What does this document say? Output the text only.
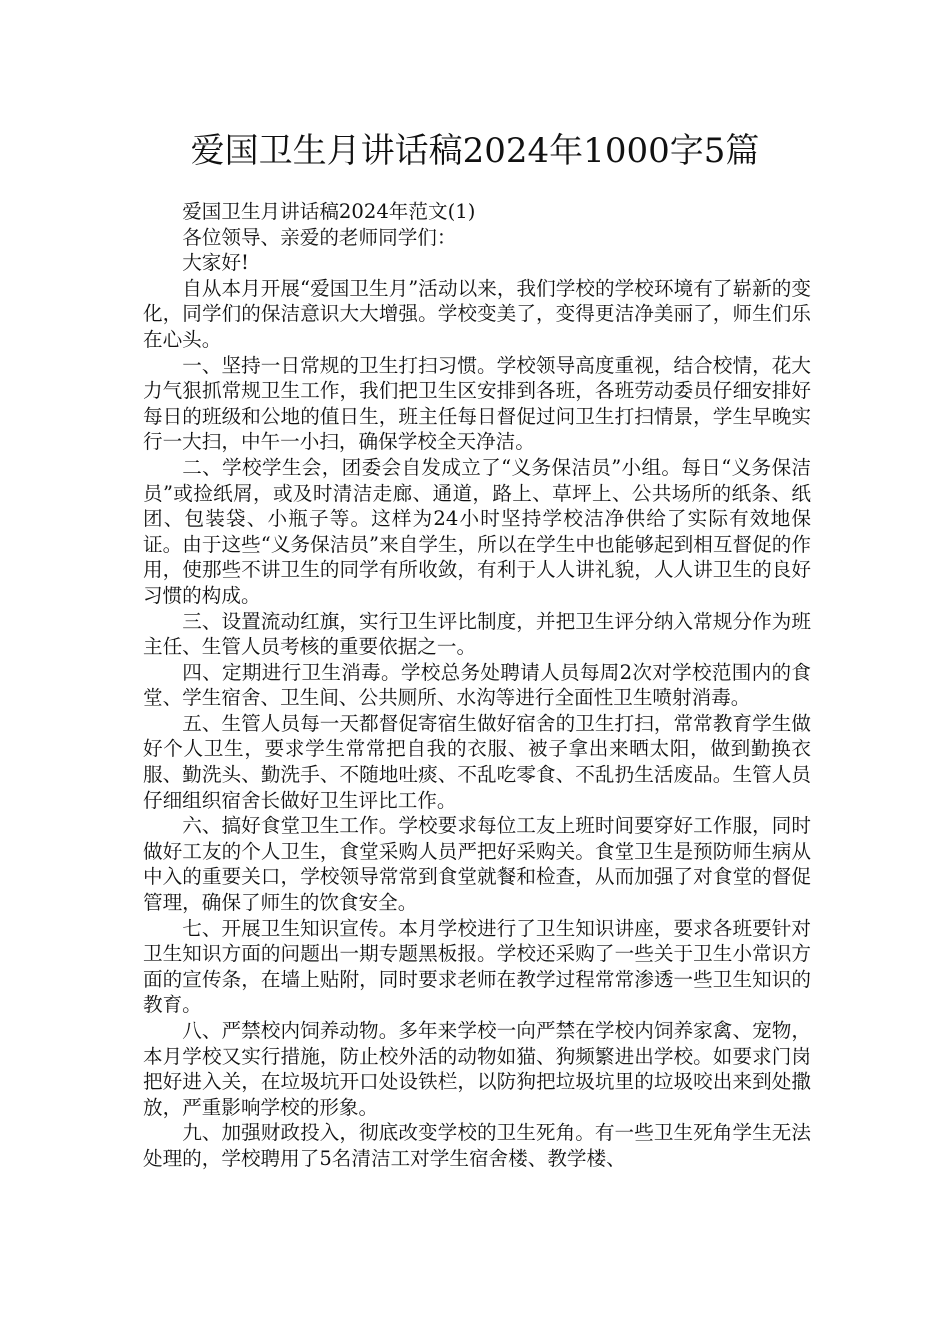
爱国卫生月讲话稿2024年1000字5篇

爱国卫生月讲话稿2024年范文(1)

各位领导、亲爱的老师同学们：

大家好!

自从本月开展“爱国卫生月”活动以来，我们学校的学校环境有了崭新的变化，同学们的保洁意识大大增强。学校变美了，变得更洁净美丽了，师生们乐在心头。

一、坚持一日常规的卫生打扫习惯。学校领导高度重视，结合校情，花大力气狠抓常规卫生工作，我们把卫生区安排到各班，各班劳动委员仔细安排好每日的班级和公地的值日生，班主任每日督促过问卫生打扫情景，学生早晚实行一大扫，中午一小扫，确保学校全天净洁。

二、学校学生会，团委会自发成立了“义务保洁员”小组。每日“义务保洁员”或捡纸屑，或及时清洁走廊、通道，路上、草坪上、公共场所的纸条、纸团、包装袋、小瓶子等。这样为24小时坚持学校洁净供给了实际有效地保证。由于这些“义务保洁员”来自学生，所以在学生中也能够起到相互督促的作用，使那些不讲卫生的同学有所收敛，有利于人人讲礼貌，人人讲卫生的良好习惯的构成。

三、设置流动红旗，实行卫生评比制度，并把卫生评分纳入常规分作为班主任、生管人员考核的重要依据之一。

四、定期进行卫生消毒。学校总务处聘请人员每周2次对学校范围内的食堂、学生宿舍、卫生间、公共厕所、水沟等进行全面性卫生喷射消毒。

五、生管人员每一天都督促寄宿生做好宿舍的卫生打扫，常常教育学生做好个人卫生，要求学生常常把自我的衣服、被子拿出来晒太阳，做到勤换衣服、勤洗头、勤洗手、不随地吐痰、不乱吃零食、不乱扔生活废品。生管人员仔细组织宿舍长做好卫生评比工作。

六、搞好食堂卫生工作。学校要求每位工友上班时间要穿好工作服，同时做好工友的个人卫生，食堂采购人员严把好采购关。食堂卫生是预防师生病从中入的重要关口，学校领导常常到食堂就餐和检查，从而加强了对食堂的督促管理，确保了师生的饮食安全。

七、开展卫生知识宣传。本月学校进行了卫生知识讲座，要求各班要针对卫生知识方面的问题出一期专题黑板报。学校还采购了一些关于卫生小常识方面的宣传条，在墙上贴附，同时要求老师在教学过程常常渗透一些卫生知识的教育。

八、严禁校内饲养动物。多年来学校一向严禁在学校内饲养家禽、宠物，本月学校又实行措施，防止校外活的动物如猫、狗频繁进出学校。如要求门岗把好进入关，在垃圾坑开口处设铁栏，以防狗把垃圾坑里的垃圾咬出来到处撒放，严重影响学校的形象。

九、加强财政投入，彻底改变学校的卫生死角。有一些卫生死角学生无法处理的，学校聘用了5名清洁工对学生宿舍楼、教学楼、
